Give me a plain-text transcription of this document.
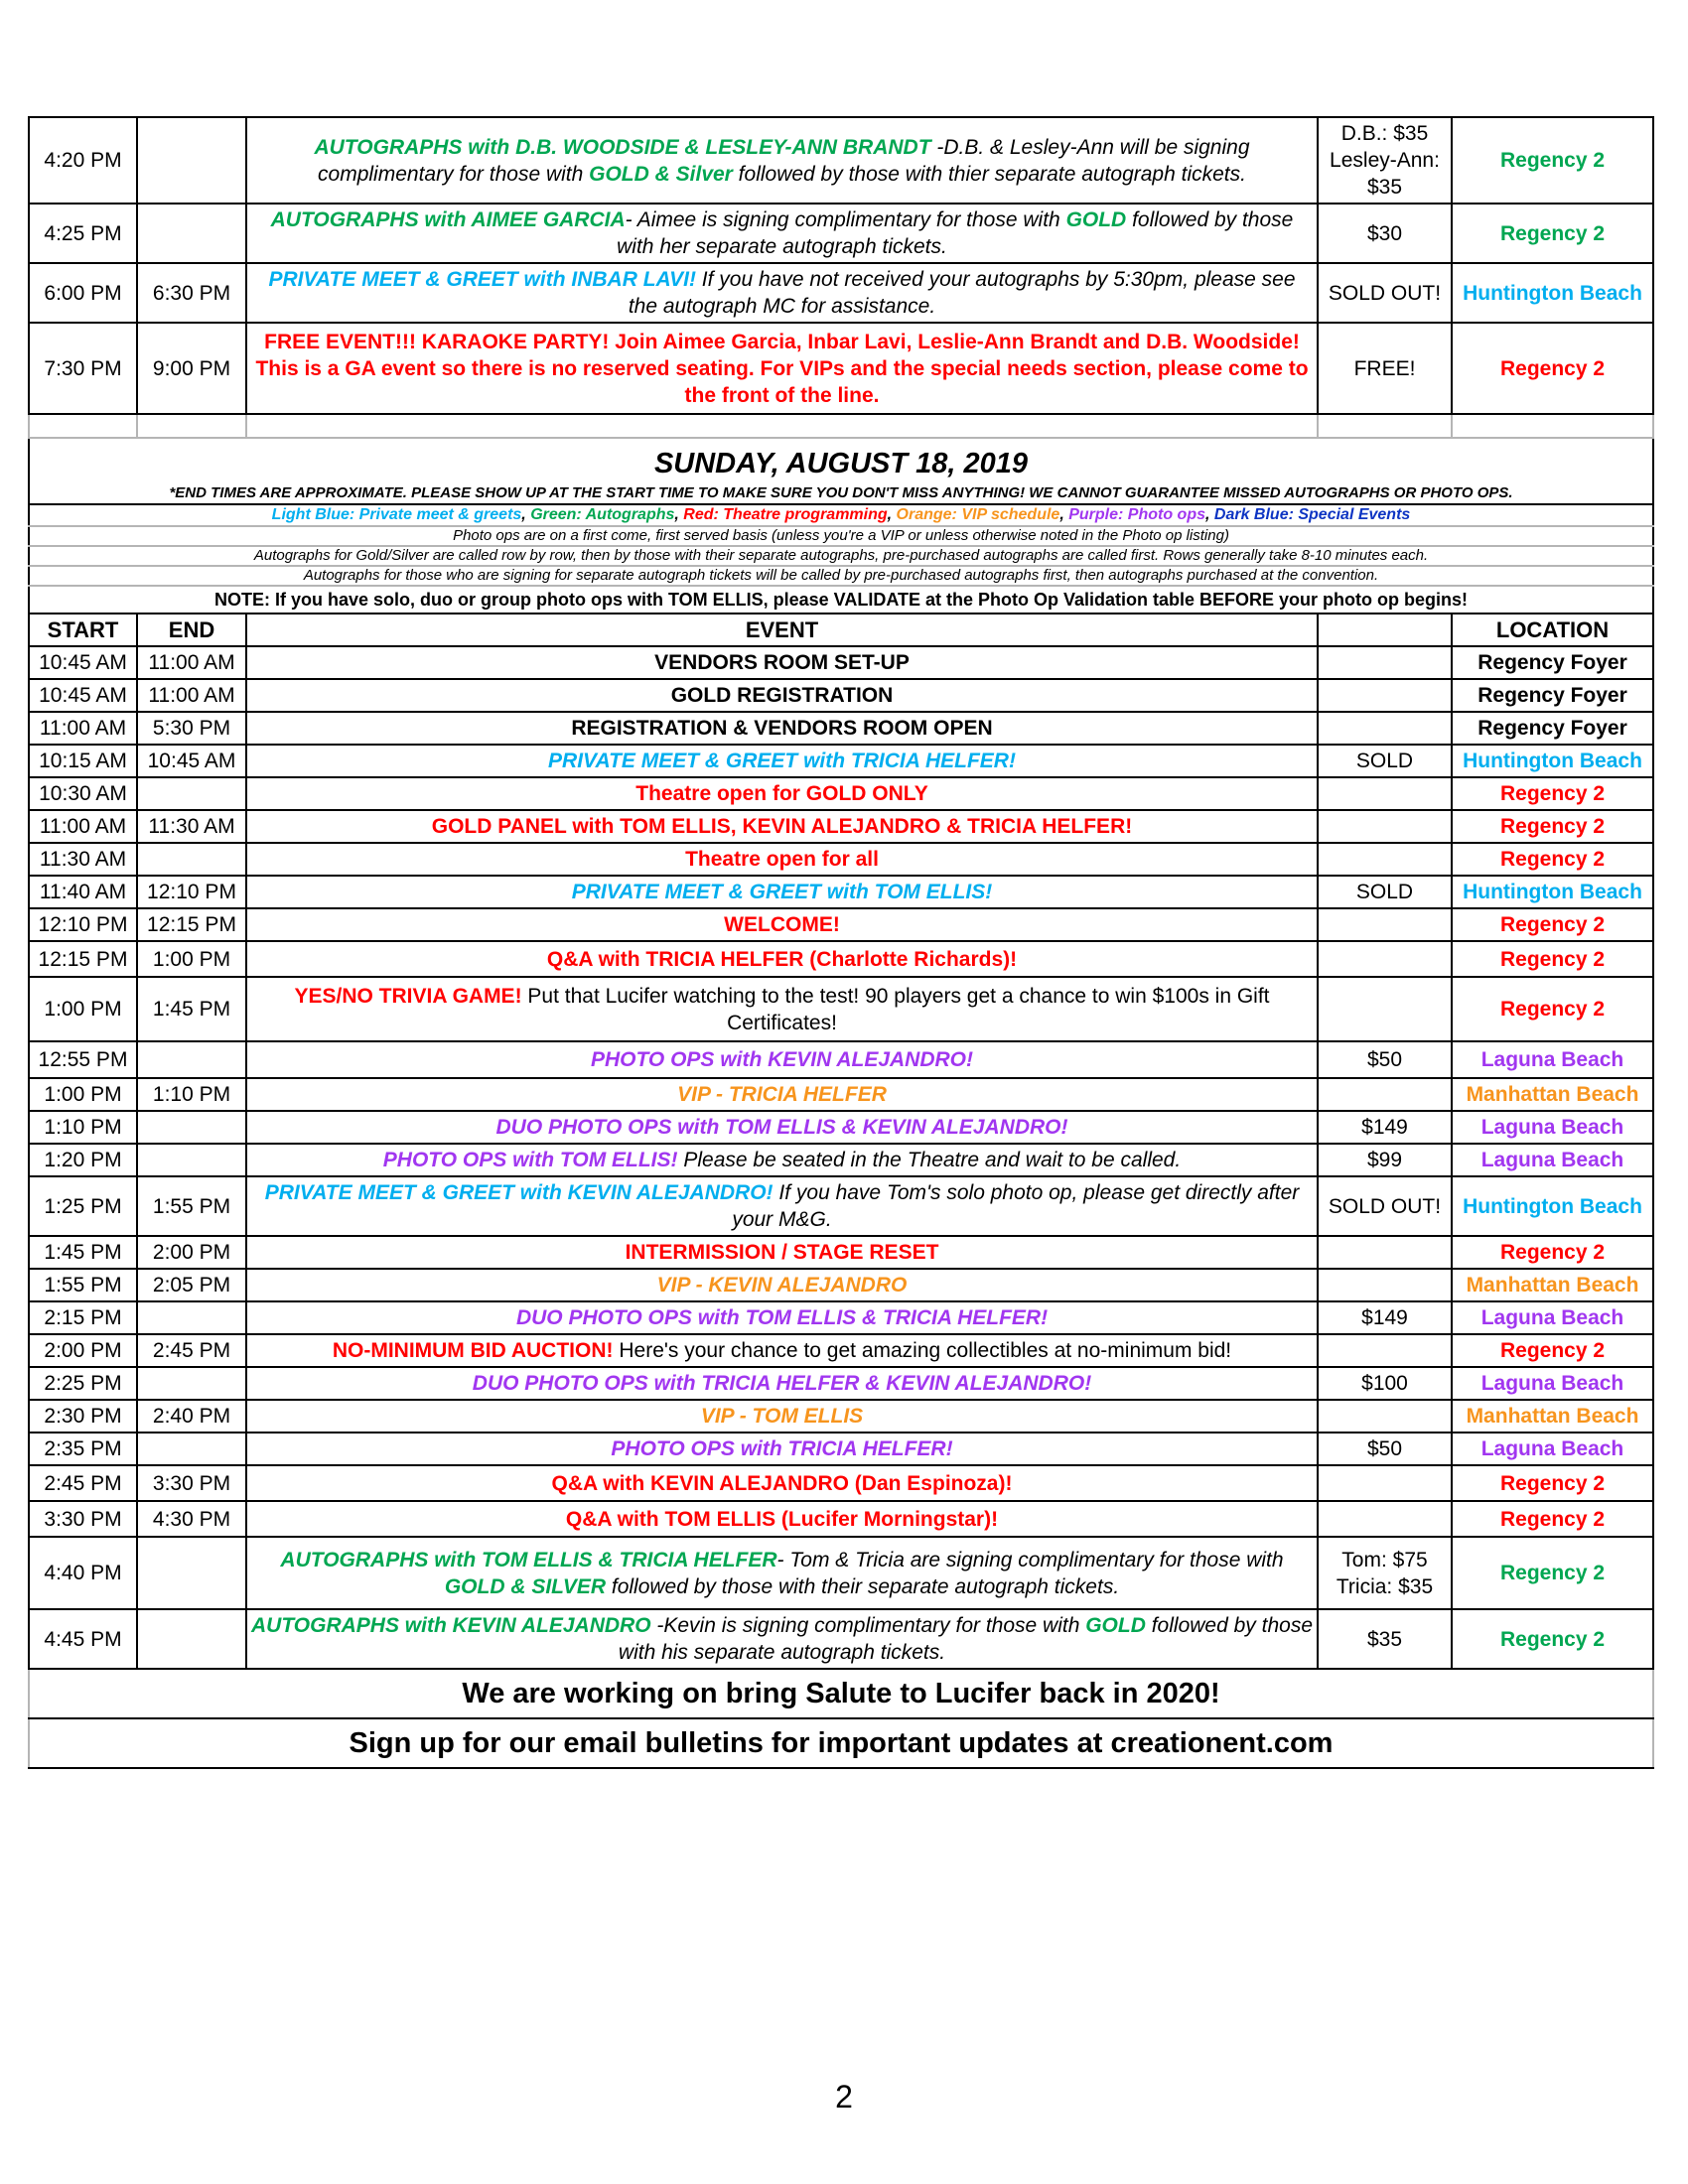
4:20 PM		AUTOGRAPHS with D.B. WOODSIDE & LESLEY-ANN BRANDT -D.B. & Lesley-Ann will be signing complimentary for those with GOLD & Silver followed by those with thier separate autograph tickets.	D.B.: $35
Lesley-Ann: $35	Regency 2
4:25 PM		AUTOGRAPHS with AIMEE GARCIA- Aimee is signing complimentary for those with GOLD followed by those with her separate autograph tickets.	$30	Regency 2
6:00 PM	6:30 PM	PRIVATE MEET & GREET with INBAR LAVI! If you have not received your autographs by 5:30pm, please see the autograph MC for assistance.	SOLD OUT!	Huntington Beach
7:30 PM	9:00 PM	FREE EVENT!!! KARAOKE PARTY! Join Aimee Garcia, Inbar Lavi, Leslie-Ann Brandt and D.B. Woodside! This is a GA event so there is no reserved seating. For VIPs and the special needs section, please come to the front of the line.	FREE!	Regency 2

SUNDAY, AUGUST 18, 2019				
*END TIMES ARE APPROXIMATE. PLEASE SHOW UP AT THE START TIME TO MAKE SURE YOU DON'T MISS ANYTHING! WE CANNOT GUARANTEE MISSED AUTOGRAPHS OR PHOTO OPS.				
Light Blue: Private meet & greets, Green: Autographs, Red: Theatre programming, Orange: VIP schedule, Purple: Photo ops, Dark Blue: Special Events				
Photo ops are on a first come, first served basis (unless you're a VIP or unless otherwise noted in the Photo op listing)				
Autographs for Gold/Silver are called row by row, then by those with their separate autographs, pre-purchased autographs are called first. Rows generally take 8-10 minutes each.				
Autographs for those who are signing for separate autograph tickets will be called by pre-purchased autographs first, then autographs purchased at the convention.				
NOTE: If you have solo, duo or group photo ops with TOM ELLIS, please VALIDATE at the Photo Op Validation table BEFORE your photo op begins!				
START	END	EVENT		LOCATION
10:45 AM	11:00 AM	VENDORS ROOM SET-UP		Regency Foyer
10:45 AM	11:00 AM	GOLD REGISTRATION		Regency Foyer
11:00 AM	5:30 PM	REGISTRATION & VENDORS ROOM OPEN		Regency Foyer
10:15 AM	10:45 AM	PRIVATE MEET & GREET with TRICIA HELFER!	SOLD	Huntington Beach
10:30 AM		Theatre open for GOLD ONLY		Regency 2
11:00 AM	11:30 AM	GOLD PANEL with TOM ELLIS, KEVIN ALEJANDRO & TRICIA HELFER!		Regency 2
11:30 AM		Theatre open for all		Regency 2
11:40 AM	12:10 PM	PRIVATE MEET & GREET with TOM ELLIS!	SOLD	Huntington Beach
12:10 PM	12:15 PM	WELCOME!		Regency 2
12:15 PM	1:00 PM	Q&A with TRICIA HELFER (Charlotte Richards)!		Regency 2
1:00 PM	1:45 PM	YES/NO TRIVIA GAME! Put that Lucifer watching to the test! 90 players get a chance to win $100s in Gift Certificates!		Regency 2
12:55 PM		PHOTO OPS with KEVIN ALEJANDRO!	$50	Laguna Beach
1:00 PM	1:10 PM	VIP - TRICIA HELFER		Manhattan Beach
1:10 PM		DUO PHOTO OPS with TOM ELLIS & KEVIN ALEJANDRO!	$149	Laguna Beach
1:20 PM		PHOTO OPS with TOM ELLIS! Please be seated in the Theatre and wait to be called.	$99	Laguna Beach
1:25 PM	1:55 PM	PRIVATE MEET & GREET with KEVIN ALEJANDRO! If you have Tom's solo photo op, please get directly after your M&G.	SOLD OUT!	Huntington Beach
1:45 PM	2:00 PM	INTERMISSION / STAGE RESET		Regency 2
1:55 PM	2:05 PM	VIP - KEVIN ALEJANDRO		Manhattan Beach
2:15 PM		DUO PHOTO OPS with TOM ELLIS & TRICIA HELFER!	$149	Laguna Beach
2:00 PM	2:45 PM	NO-MINIMUM BID AUCTION! Here's your chance to get amazing collectibles at no-minimum bid!		Regency 2
2:25 PM		DUO PHOTO OPS with TRICIA HELFER & KEVIN ALEJANDRO!	$100	Laguna Beach
2:30 PM	2:40 PM	VIP - TOM ELLIS		Manhattan Beach
2:35 PM		PHOTO OPS with TRICIA HELFER!	$50	Laguna Beach
2:45 PM	3:30 PM	Q&A with KEVIN ALEJANDRO (Dan Espinoza)!		Regency 2
3:30 PM	4:30 PM	Q&A with TOM ELLIS (Lucifer Morningstar)!		Regency 2
4:40 PM		AUTOGRAPHS with TOM ELLIS & TRICIA HELFER- Tom & Tricia are signing complimentary for those with GOLD & SILVER followed by those with their separate autograph tickets.	Tom: $75
Tricia: $35	Regency 2
4:45 PM		AUTOGRAPHS with KEVIN ALEJANDRO -Kevin is signing complimentary for those with GOLD followed by those with his separate autograph tickets.	$35	Regency 2
We are working on bring Salute to Lucifer back in 2020!				
Sign up for our email bulletins for important updates at creationent.com				
2
